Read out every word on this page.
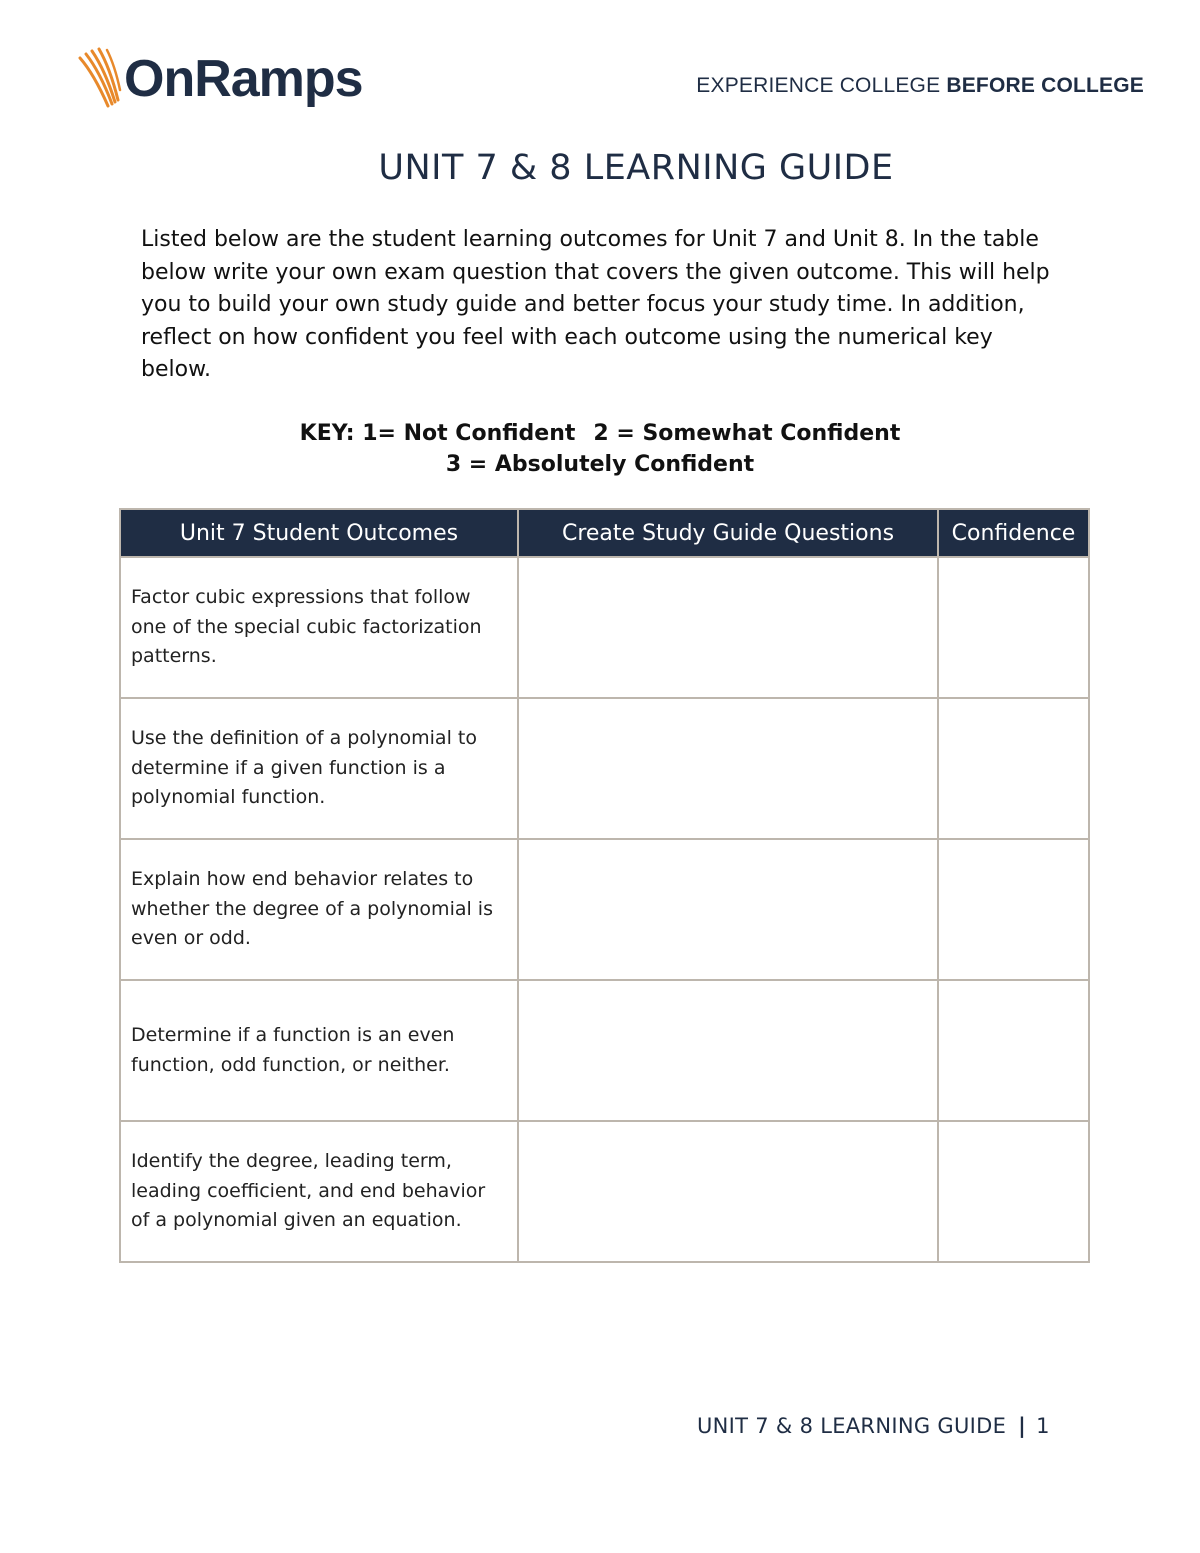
OnRamps	EXPERIENCE COLLEGE BEFORE COLLEGE
UNIT 7 & 8 LEARNING GUIDE
Listed below are the student learning outcomes for Unit 7 and Unit 8. In the table below write your own exam question that covers the given outcome. This will help you to build your own study guide and better focus your study time. In addition, reflect on how confident you feel with each outcome using the numerical key below.
KEY: 1= Not Confident 2 = Somewhat Confident
3 = Absolutely Confident
Unit 7 Student Outcomes	Create Study Guide Questions	Confidence
Factor cubic expressions that follow one of the special cubic factorization patterns.		
Use the definition of a polynomial to determine if a given function is a polynomial function.		
Explain how end behavior relates to whether the degree of a polynomial is even or odd.		
Determine if a function is an even function, odd function, or neither.		
Identify the degree, leading term, leading coefficient, and end behavior of a polynomial given an equation.		
UNIT 7 & 8 LEARNING GUIDE | 1
